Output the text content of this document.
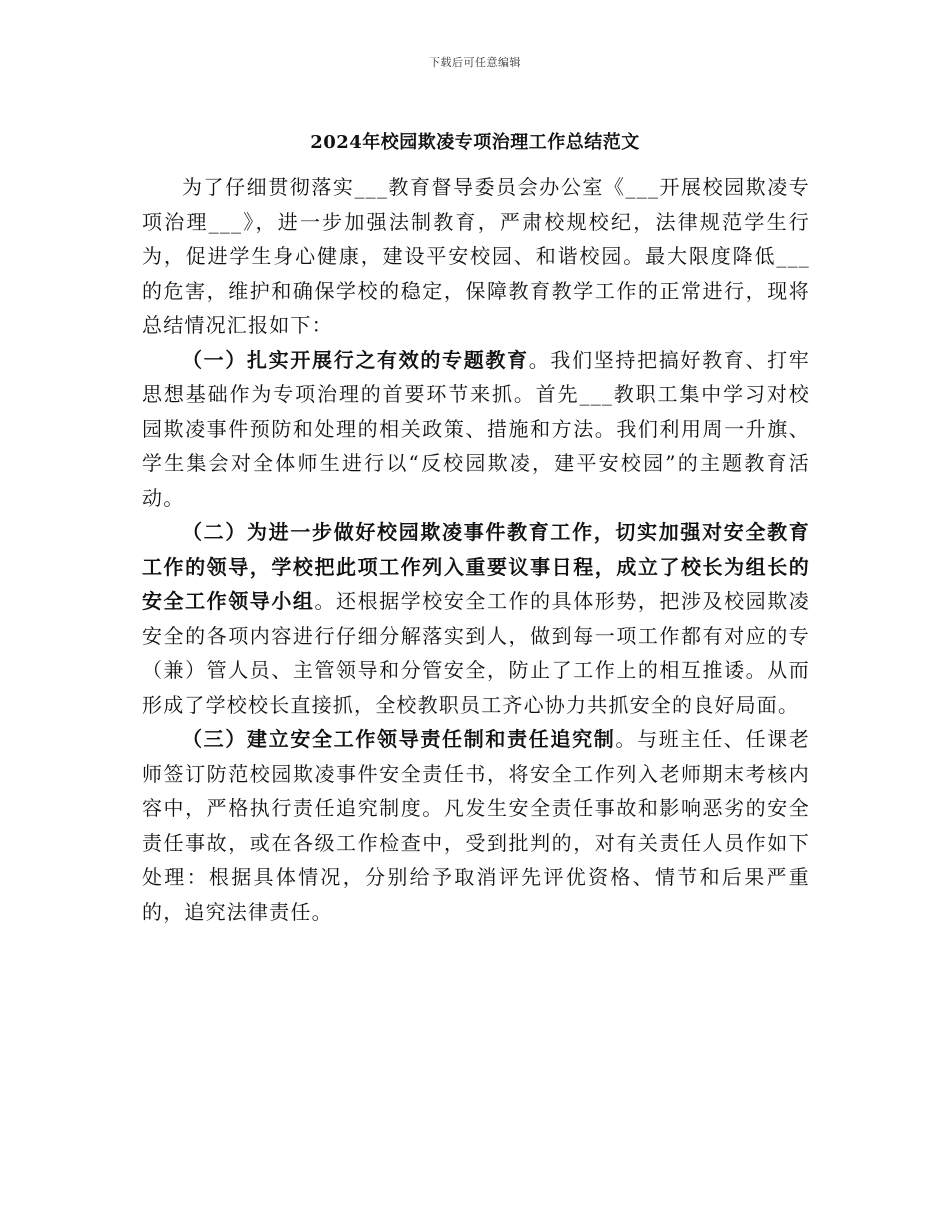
下载后可任意编辑
2024年校园欺凌专项治理工作总结范文

为了仔细贯彻落实___教育督导委员会办公室《___开展校园欺凌专项治理___》，进一步加强法制教育，严肃校规校纪，法律规范学生行为，促进学生身心健康，建设平安校园、和谐校园。最大限度降低___的危害，维护和确保学校的稳定，保障教育教学工作的正常进行，现将总结情况汇报如下：

（一）扎实开展行之有效的专题教育。我们坚持把搞好教育、打牢思想基础作为专项治理的首要环节来抓。首先___教职工集中学习对校园欺凌事件预防和处理的相关政策、措施和方法。我们利用周一升旗、学生集会对全体师生进行以“反校园欺凌，建平安校园”的主题教育活动。

（二）为进一步做好校园欺凌事件教育工作，切实加强对安全教育工作的领导，学校把此项工作列入重要议事日程，成立了校长为组长的安全工作领导小组。还根据学校安全工作的具体形势，把涉及校园欺凌安全的各项内容进行仔细分解落实到人，做到每一项工作都有对应的专（兼）管人员、主管领导和分管安全，防止了工作上的相互推诿。从而形成了学校校长直接抓，全校教职员工齐心协力共抓安全的良好局面。

（三）建立安全工作领导责任制和责任追究制。与班主任、任课老师签订防范校园欺凌事件安全责任书，将安全工作列入老师期末考核内容中，严格执行责任追究制度。凡发生安全责任事故和影响恶劣的安全责任事故，或在各级工作检查中，受到批判的，对有关责任人员作如下处理：根据具体情况，分别给予取消评先评优资格、情节和后果严重的，追究法律责任。
